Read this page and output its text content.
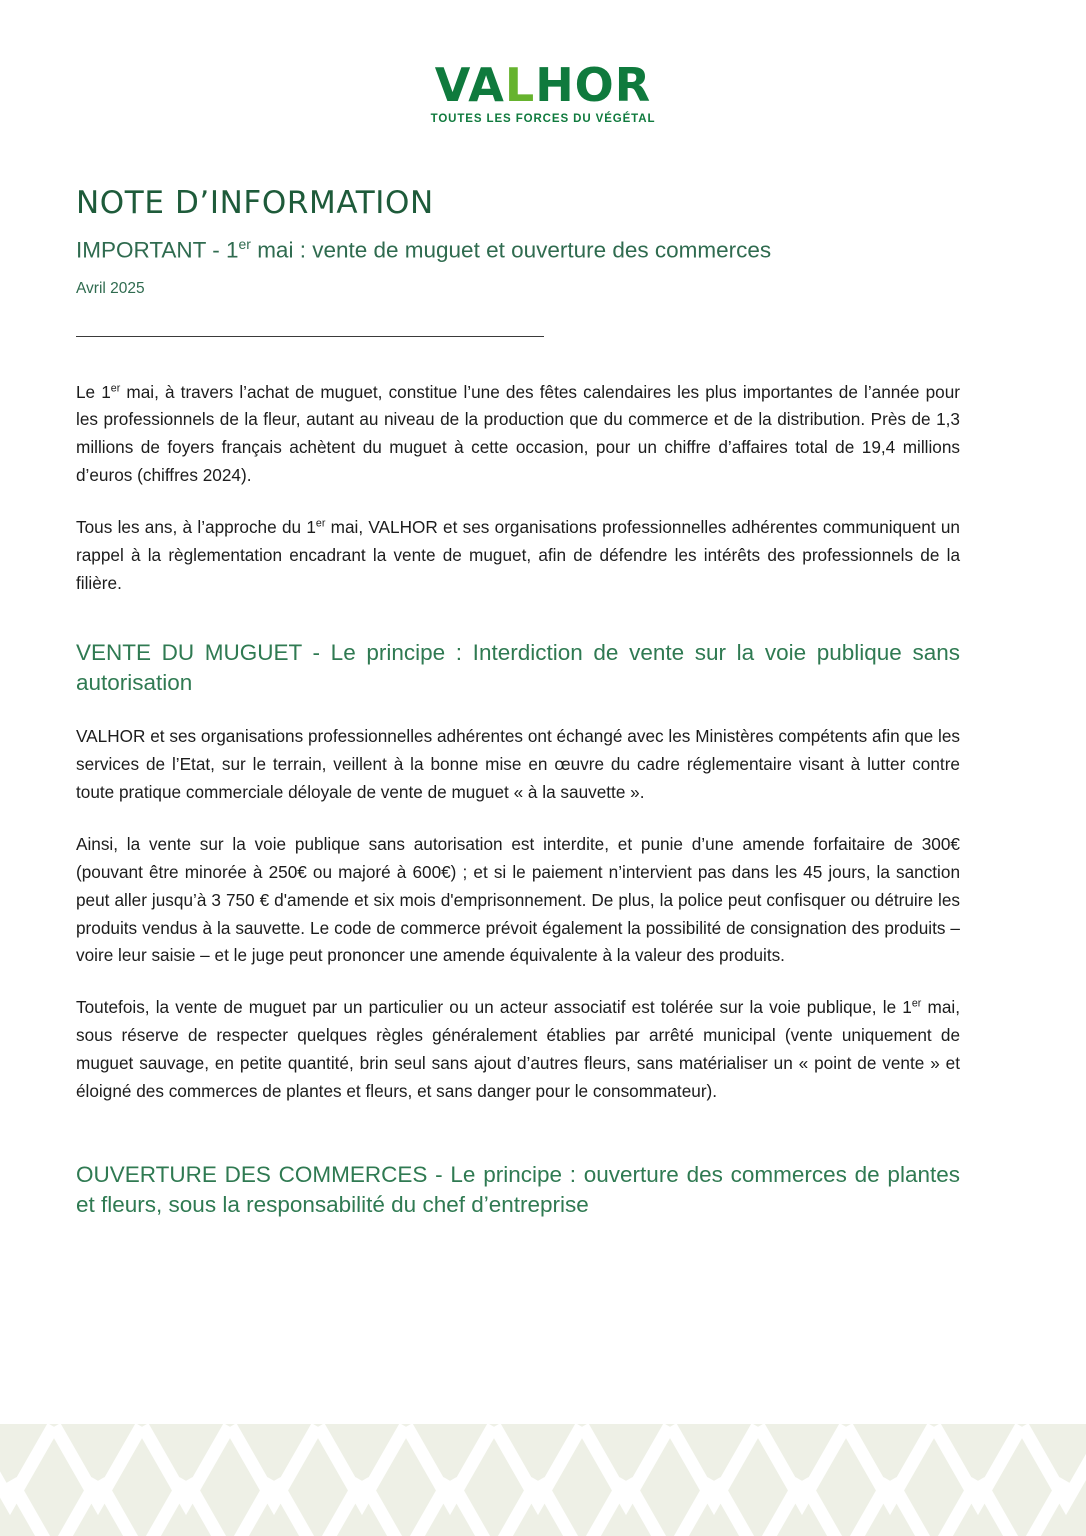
VALHOR
TOUTES LES FORCES DU VÉGÉTAL
NOTE D’INFORMATION
IMPORTANT - 1er mai : vente de muguet et ouverture des commerces
Avril 2025

Le 1er mai, à travers l’achat de muguet, constitue l’une des fêtes calendaires les plus importantes de l’année pour les professionnels de la fleur, autant au niveau de la production que du commerce et de la distribution. Près de 1,3 millions de foyers français achètent du muguet à cette occasion, pour un chiffre d’affaires total de 19,4 millions d’euros (chiffres 2024).

Tous les ans, à l’approche du 1er mai, VALHOR et ses organisations professionnelles adhérentes communiquent un rappel à la règlementation encadrant la vente de muguet, afin de défendre les intérêts des professionnels de la filière.

VENTE DU MUGUET - Le principe : Interdiction de vente sur la voie publique sans autorisation

VALHOR et ses organisations professionnelles adhérentes ont échangé avec les Ministères compétents afin que les services de l’Etat, sur le terrain, veillent à la bonne mise en œuvre du cadre réglementaire visant à lutter contre toute pratique commerciale déloyale de vente de muguet « à la sauvette ».

Ainsi, la vente sur la voie publique sans autorisation est interdite, et punie d’une amende forfaitaire de 300€ (pouvant être minorée à 250€ ou majoré à 600€) ; et si le paiement n’intervient pas dans les 45 jours, la sanction peut aller jusqu’à 3 750 € d'amende et six mois d'emprisonnement. De plus, la police peut confisquer ou détruire les produits vendus à la sauvette. Le code de commerce prévoit également la possibilité de consignation des produits – voire leur saisie – et le juge peut prononcer une amende équivalente à la valeur des produits.

Toutefois, la vente de muguet par un particulier ou un acteur associatif est tolérée sur la voie publique, le 1er mai, sous réserve de respecter quelques règles généralement établies par arrêté municipal (vente uniquement de muguet sauvage, en petite quantité, brin seul sans ajout d’autres fleurs, sans matérialiser un « point de vente » et éloigné des commerces de plantes et fleurs, et sans danger pour le consommateur).

OUVERTURE DES COMMERCES - Le principe : ouverture des commerces de plantes et fleurs, sous la responsabilité du chef d’entreprise
